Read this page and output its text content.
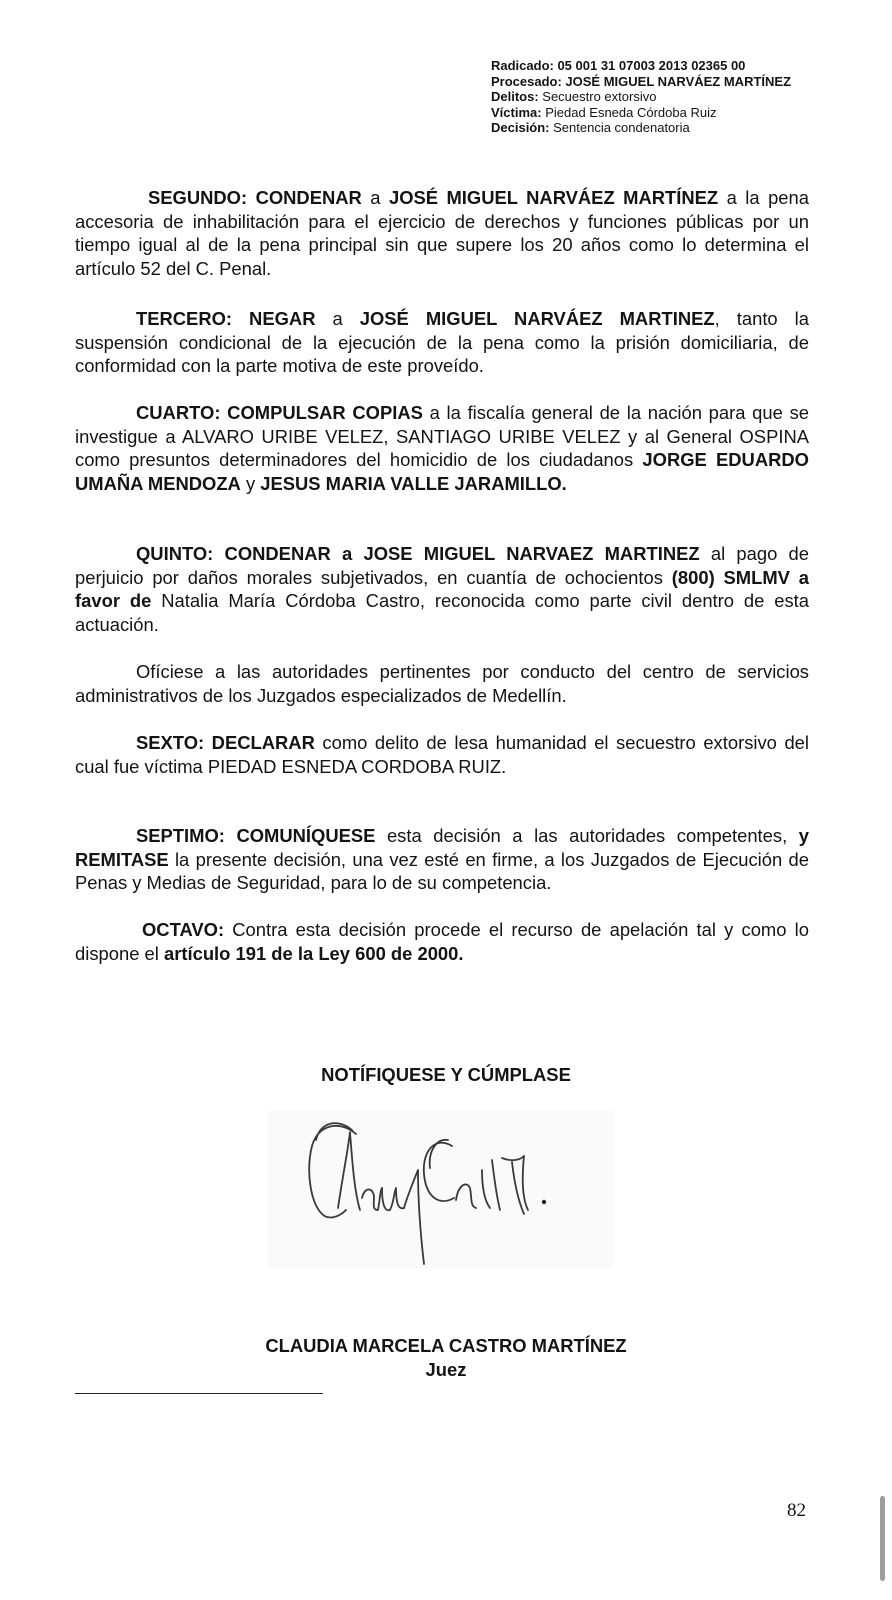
Radicado: 05 001 31 07003 2013 02365 00
Procesado: JOSÉ MIGUEL NARVÁEZ MARTÍNEZ
Delitos: Secuestro extorsivo
Víctima: Piedad Esneda Córdoba Ruiz
Decisión: Sentencia condenatoria
SEGUNDO: CONDENAR a JOSÉ MIGUEL NARVÁEZ MARTÍNEZ a la pena accesoria de inhabilitación para el ejercicio de derechos y funciones públicas por un tiempo igual al de la pena principal sin que supere los 20 años como lo determina el artículo 52 del C. Penal.
TERCERO: NEGAR a JOSÉ MIGUEL NARVÁEZ MARTINEZ, tanto la suspensión condicional de la ejecución de la pena como la prisión domiciliaria, de conformidad con la parte motiva de este proveído.
CUARTO: COMPULSAR COPIAS a la fiscalía general de la nación para que se investigue a ALVARO URIBE VELEZ, SANTIAGO URIBE VELEZ y al General OSPINA como presuntos determinadores del homicidio de los ciudadanos JORGE EDUARDO UMAÑA MENDOZA y JESUS MARIA VALLE JARAMILLO.
QUINTO: CONDENAR a JOSE MIGUEL NARVAEZ MARTINEZ al pago de perjuicio por daños morales subjetivados, en cuantía de ochocientos (800) SMLMV a favor de Natalia María Córdoba Castro, reconocida como parte civil dentro de esta actuación.
Ofíciese a las autoridades pertinentes por conducto del centro de servicios administrativos de los Juzgados especializados de Medellín.
SEXTO: DECLARAR como delito de lesa humanidad el secuestro extorsivo del cual fue víctima PIEDAD ESNEDA CORDOBA RUIZ.
SEPTIMO: COMUNÍQUESE esta decisión a las autoridades competentes, y REMITASE la presente decisión, una vez esté en firme, a los Juzgados de Ejecución de Penas y Medias de Seguridad, para lo de su competencia.
OCTAVO: Contra esta decisión procede el recurso de apelación tal y como lo dispone el artículo 191 de la Ley 600 de 2000.
NOTÍFIQUESE Y CÚMPLASE
CLAUDIA MARCELA CASTRO MARTÍNEZ
Juez
82
